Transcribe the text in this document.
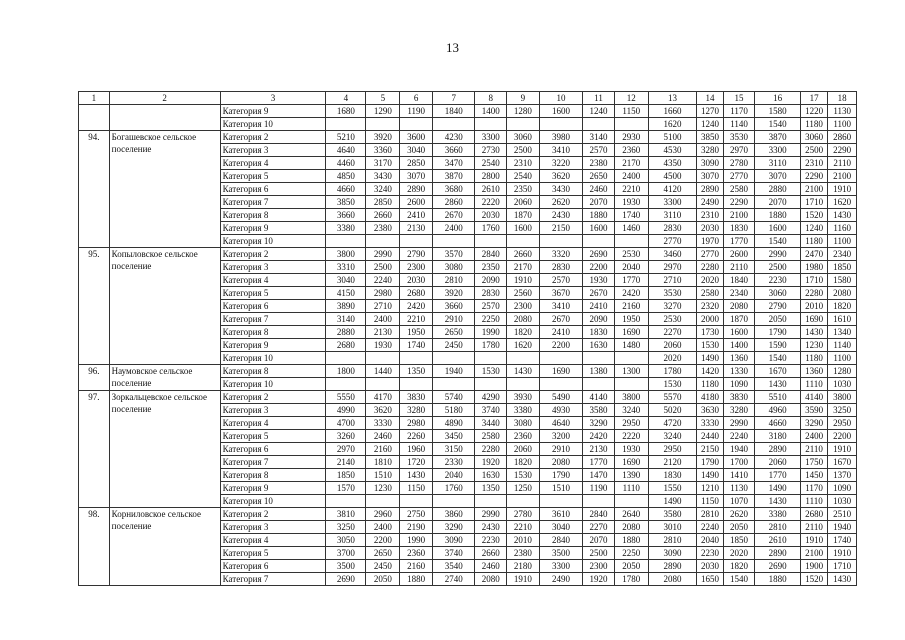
13
1	2	3	4	5	6	7	8	9	10	11	12	13	14	15	16	17	18
		Категория 9	1680	1290	1190	1840	1400	1280	1600	1240	1150	1660	1270	1170	1580	1220	1130
		Категория 10										1620	1240	1140	1540	1180	1100
94.	Богашевское сельское поселение	Категория 2	5210	3920	3600	4230	3300	3060	3980	3140	2930	5100	3850	3530	3870	3060	2860
		Категория 3	4640	3360	3040	3660	2730	2500	3410	2570	2360	4530	3280	2970	3300	2500	2290
		Категория 4	4460	3170	2850	3470	2540	2310	3220	2380	2170	4350	3090	2780	3110	2310	2110
		Категория 5	4850	3430	3070	3870	2800	2540	3620	2650	2400	4500	3070	2770	3070	2290	2100
		Категория 6	4660	3240	2890	3680	2610	2350	3430	2460	2210	4120	2890	2580	2880	2100	1910
		Категория 7	3850	2850	2600	2860	2220	2060	2620	2070	1930	3300	2490	2290	2070	1710	1620
		Категория 8	3660	2660	2410	2670	2030	1870	2430	1880	1740	3110	2310	2100	1880	1520	1430
		Категория 9	3380	2380	2130	2400	1760	1600	2150	1600	1460	2830	2030	1830	1600	1240	1160
		Категория 10										2770	1970	1770	1540	1180	1100
95.	Копыловское сельское поселение	Категория 2	3800	2990	2790	3570	2840	2660	3320	2690	2530	3460	2770	2600	2990	2470	2340
		Категория 3	3310	2500	2300	3080	2350	2170	2830	2200	2040	2970	2280	2110	2500	1980	1850
		Категория 4	3040	2240	2030	2810	2090	1910	2570	1930	1770	2710	2020	1840	2230	1710	1580
		Категория 5	4150	2980	2680	3920	2830	2560	3670	2670	2420	3530	2580	2340	3060	2280	2080
		Категория 6	3890	2710	2420	3660	2570	2300	3410	2410	2160	3270	2320	2080	2790	2010	1820
		Категория 7	3140	2400	2210	2910	2250	2080	2670	2090	1950	2530	2000	1870	2050	1690	1610
		Категория 8	2880	2130	1950	2650	1990	1820	2410	1830	1690	2270	1730	1600	1790	1430	1340
		Категория 9	2680	1930	1740	2450	1780	1620	2200	1630	1480	2060	1530	1400	1590	1230	1140
		Категория 10										2020	1490	1360	1540	1180	1100
96.	Наумовское сельское поселение	Категория 8	1800	1440	1350	1940	1530	1430	1690	1380	1300	1780	1420	1330	1670	1360	1280
		Категория 10										1530	1180	1090	1430	1110	1030
97.	Зоркальцевское сельское поселение	Категория 2	5550	4170	3830	5740	4290	3930	5490	4140	3800	5570	4180	3830	5510	4140	3800
		Категория 3	4990	3620	3280	5180	3740	3380	4930	3580	3240	5020	3630	3280	4960	3590	3250
		Категория 4	4700	3330	2980	4890	3440	3080	4640	3290	2950	4720	3330	2990	4660	3290	2950
		Категория 5	3260	2460	2260	3450	2580	2360	3200	2420	2220	3240	2440	2240	3180	2400	2200
		Категория 6	2970	2160	1960	3150	2280	2060	2910	2130	1930	2950	2150	1940	2890	2110	1910
		Категория 7	2140	1810	1720	2330	1920	1820	2080	1770	1690	2120	1790	1700	2060	1750	1670
		Категория 8	1850	1510	1430	2040	1630	1530	1790	1470	1390	1830	1490	1410	1770	1450	1370
		Категория 9	1570	1230	1150	1760	1350	1250	1510	1190	1110	1550	1210	1130	1490	1170	1090
		Категория 10										1490	1150	1070	1430	1110	1030
98.	Корниловское сельское поселение	Категория 2	3810	2960	2750	3860	2990	2780	3610	2840	2640	3580	2810	2620	3380	2680	2510
		Категория 3	3250	2400	2190	3290	2430	2210	3040	2270	2080	3010	2240	2050	2810	2110	1940
		Категория 4	3050	2200	1990	3090	2230	2010	2840	2070	1880	2810	2040	1850	2610	1910	1740
		Категория 5	3700	2650	2360	3740	2660	2380	3500	2500	2250	3090	2230	2020	2890	2100	1910
		Категория 6	3500	2450	2160	3540	2460	2180	3300	2300	2050	2890	2030	1820	2690	1900	1710
		Категория 7	2690	2050	1880	2740	2080	1910	2490	1920	1780	2080	1650	1540	1880	1520	1430
